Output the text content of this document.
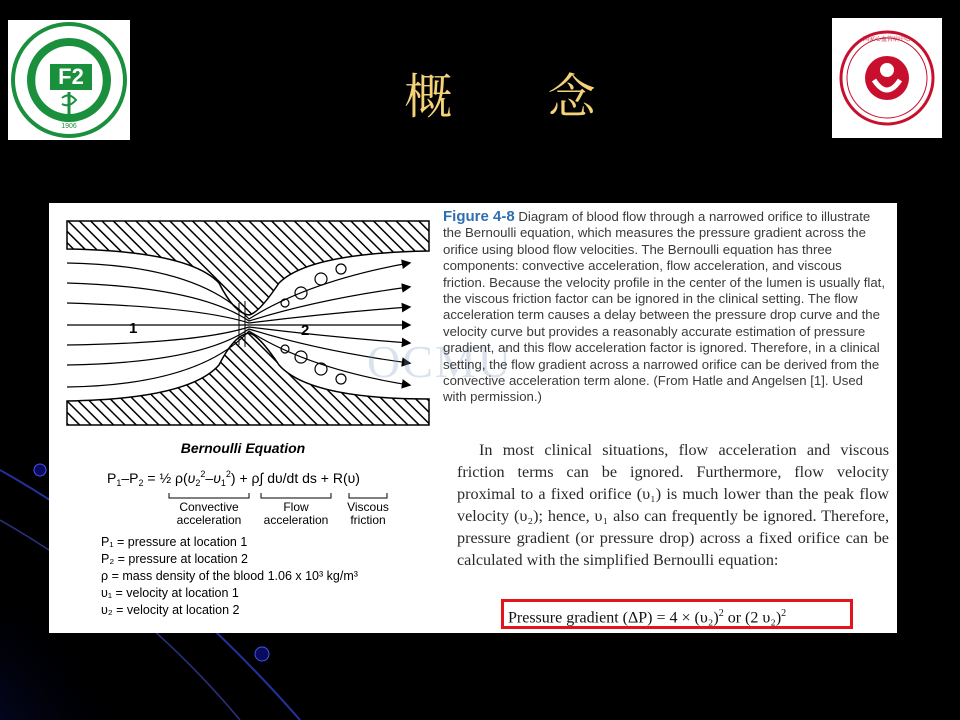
1906
F2	概 念
国家心血管病中心
1	2
Bernoulli Equation
$P_1-P_2$ = ½ $\rho(\upsilon_2^2-\upsilon_1^2) + \rho\int$ dυ/dt ds + R(υ)
Convective
acceleration
Flow
acceleration
Viscous
friction
P₁ = pressure at location 1
P₂ = pressure at location 2
ρ = mass density of the blood 1.06 x 10³ kg/m³
υ₁ = velocity at location 1
υ₂ = velocity at location 2
OCMU
Figure 4-8 Diagram of blood flow through a narrowed orifice to illustrate the Bernoulli equation, which measures the pressure gradient across the orifice using blood flow velocities. The Bernoulli equation has three components: convective acceleration, flow acceleration, and viscous friction. Because the velocity profile in the center of the lumen is usually flat, the viscous friction factor can be ignored in the clinical setting. The flow acceleration term causes a delay between the pressure drop curve and the velocity curve but provides a reasonably accurate estimation of pressure gradient, and this flow acceleration factor is ignored. Therefore, in a clinical setting, the flow gradient across a narrowed orifice can be derived from the convective acceleration term alone. (From Hatle and Angelsen [1]. Used with permission.)
In most clinical situations, flow acceleration and viscous friction terms can be ignored. Furthermore, flow velocity proximal to a fixed orifice (υ₁) is much lower than the peak flow velocity (υ₂); hence, υ₁ also can frequently be ignored. Therefore, pressure gradient (or pressure drop) across a fixed orifice can be calculated with the simplified Bernoulli equation:
Pressure gradient $(\Delta P) = 4 \times (\upsilon_2)^2$ or (2 υ₂)$^2$
